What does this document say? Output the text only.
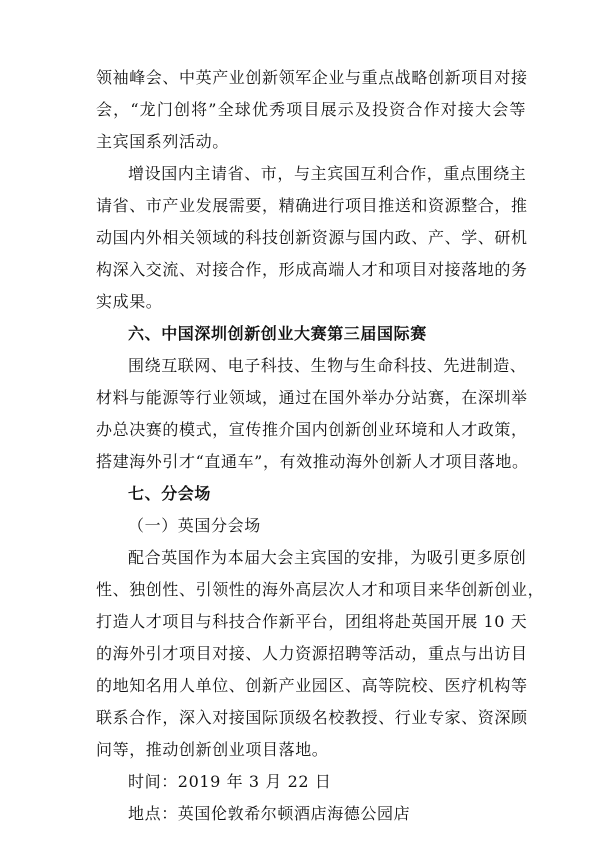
领袖峰会、中英产业创新领军企业与重点战略创新项目对接
会，“龙门创将”全球优秀项目展示及投资合作对接大会等
主宾国系列活动。
增设国内主请省、市，与主宾国互利合作，重点围绕主
请省、市产业发展需要，精确进行项目推送和资源整合，推
动国内外相关领域的科技创新资源与国内政、产、学、研机
构深入交流、对接合作，形成高端人才和项目对接落地的务
实成果。
六、中国深圳创新创业大赛第三届国际赛
围绕互联网、电子科技、生物与生命科技、先进制造、
材料与能源等行业领域，通过在国外举办分站赛，在深圳举
办总决赛的模式，宣传推介国内创新创业环境和人才政策，
搭建海外引才“直通车”，有效推动海外创新人才项目落地。
七、分会场
（一）英国分会场
配合英国作为本届大会主宾国的安排，为吸引更多原创
性、独创性、引领性的海外高层次人才和项目来华创新创业，
打造人才项目与科技合作新平台，团组将赴英国开展 10 天
的海外引才项目对接、人力资源招聘等活动，重点与出访目
的地知名用人单位、创新产业园区、高等院校、医疗机构等
联系合作，深入对接国际顶级名校教授、行业专家、资深顾
问等，推动创新创业项目落地。
时间：2019 年 3 月 22 日
地点：英国伦敦希尔顿酒店海德公园店
